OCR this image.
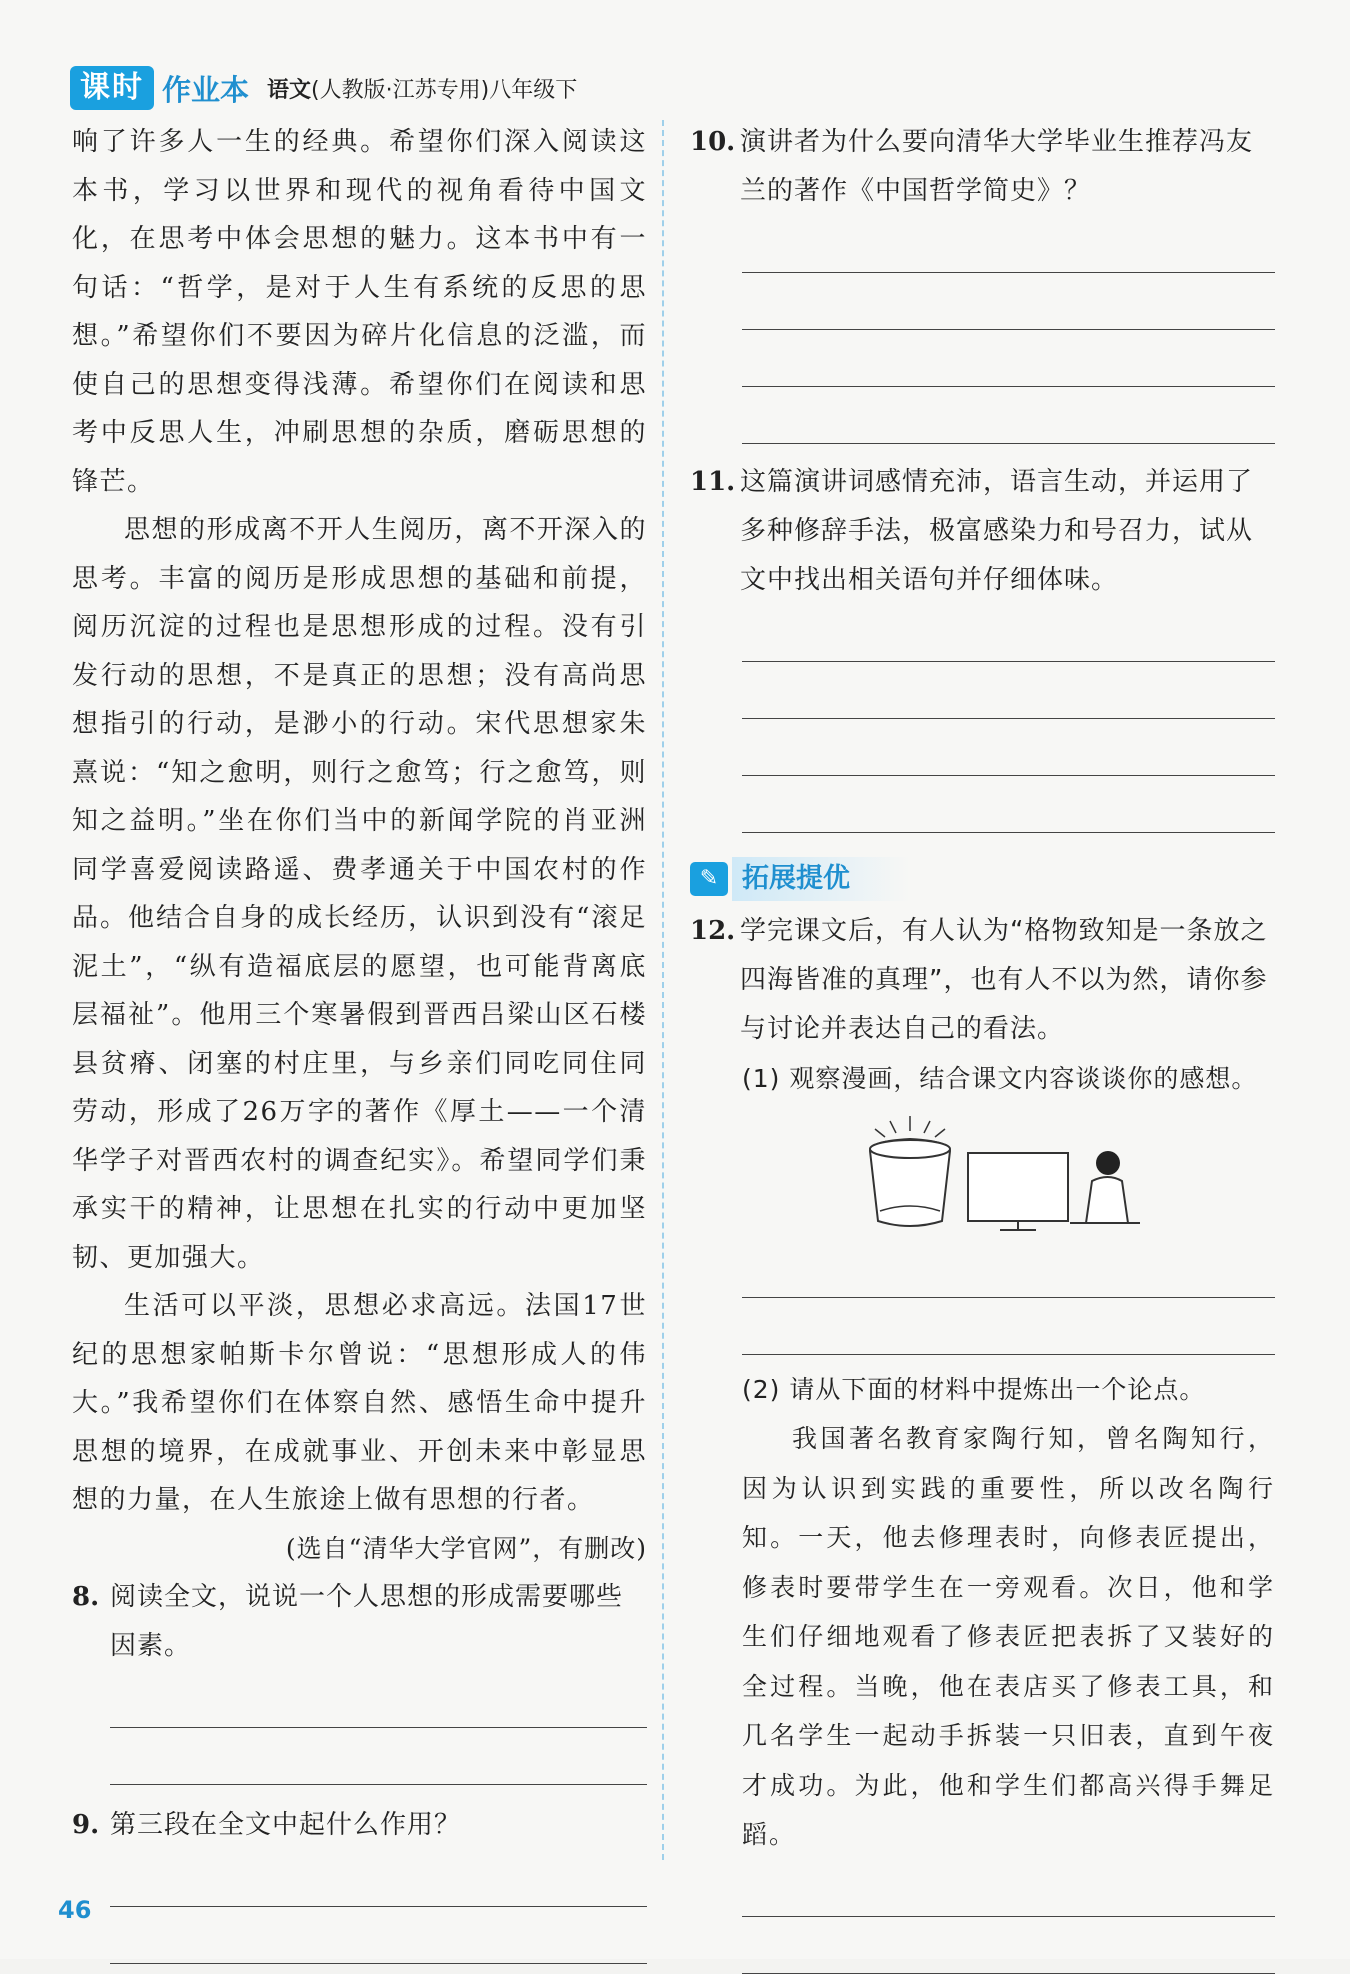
课时 作业本 语文(人教版·江苏专用)八年级下

响了许多人一生的经典。希望你们深入阅读这本书，学习以世界和现代的视角看待中国文化，在思考中体会思想的魅力。这本书中有一句话：“哲学，是对于人生有系统的反思的思想。”希望你们不要因为碎片化信息的泛滥，而使自己的思想变得浅薄。希望你们在阅读和思考中反思人生，冲刷思想的杂质，磨砺思想的锋芒。

思想的形成离不开人生阅历，离不开深入的思考。丰富的阅历是形成思想的基础和前提，阅历沉淀的过程也是思想形成的过程。没有引发行动的思想，不是真正的思想；没有高尚思想指引的行动，是渺小的行动。宋代思想家朱熹说：“知之愈明，则行之愈笃；行之愈笃，则知之益明。”坐在你们当中的新闻学院的肖亚洲同学喜爱阅读路遥、费孝通关于中国农村的作品。他结合自身的成长经历，认识到没有“滚足泥土”，“纵有造福底层的愿望，也可能背离底层福祉”。他用三个寒暑假到晋西吕梁山区石楼县贫瘠、闭塞的村庄里，与乡亲们同吃同住同劳动，形成了26万字的著作《厚土——一个清华学子对晋西农村的调查纪实》。希望同学们秉承实干的精神，让思想在扎实的行动中更加坚韧、更加强大。

生活可以平淡，思想必求高远。法国17世纪的思想家帕斯卡尔曾说：“思想形成人的伟大。”我希望你们在体察自然、感悟生命中提升思想的境界，在成就事业、开创未来中彰显思想的力量，在人生旅途上做有思想的行者。

(选自“清华大学官网”，有删改)

8. 阅读全文，说说一个人思想的形成需要哪些因素。
9. 第三段在全文中起什么作用？
10. 演讲者为什么要向清华大学毕业生推荐冯友兰的著作《中国哲学简史》？
11. 这篇演讲词感情充沛，语言生动，并运用了多种修辞手法，极富感染力和号召力，试从文中找出相关语句并仔细体味。
✎ 拓展提优
12. 学完课文后，有人认为“格物致知是一条放之四海皆准的真理”，也有人不以为然，请你参与讨论并表达自己的看法。
(1) 观察漫画，结合课文内容谈谈你的感想。
(2) 请从下面的材料中提炼出一个论点。

我国著名教育家陶行知，曾名陶知行，因为认识到实践的重要性，所以改名陶行知。一天，他去修理表时，向修表匠提出，修表时要带学生在一旁观看。次日，他和学生们仔细地观看了修表匠把表拆了又装好的全过程。当晚，他在表店买了修表工具，和几名学生一起动手拆装一只旧表，直到午夜才成功。为此，他和学生们都高兴得手舞足蹈。

46
